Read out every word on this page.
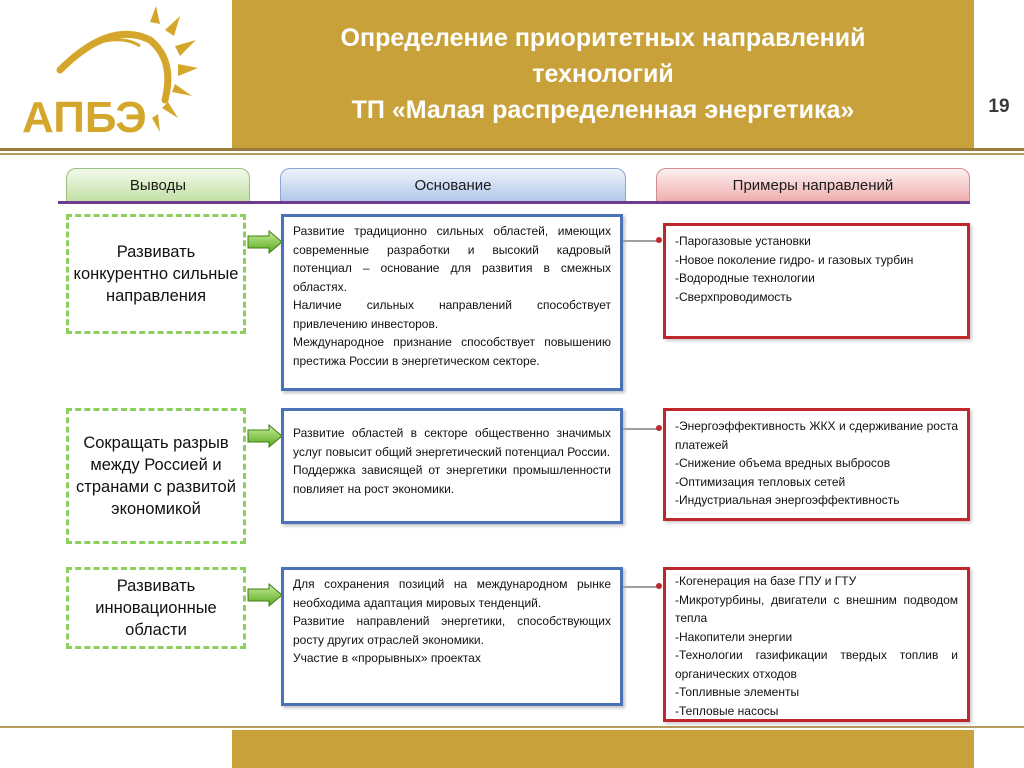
АПБЭ
Определение приоритетных направлений
технологий
ТП «Малая распределенная энергетика»	19
Выводы	Основание	Примеры направлений
Развивать конкурентно сильные направления

Развитие традиционно сильных областей, имеющих современные разработки и высокий кадровый потенциал – основание для развития в смежных областях.

Наличие сильных направлений способствует привлечению инвесторов.

Международное признание способствует повышению престижа России в энергетическом секторе.

-Парогазовые установки

-Новое поколение гидро- и газовых турбин

-Водородные технологии

-Сверхпроводимость

Сокращать разрыв между Россией и странами с развитой экономикой

Развитие областей в секторе общественно значимых услуг повысит общий энергетический потенциал России.

Поддержка зависящей от энергетики промышленности повлияет на рост экономики.

-Энергоэффективность ЖКХ и сдерживание роста платежей

-Снижение объема вредных выбросов

-Оптимизация тепловых сетей

-Индустриальная энергоэффективность

Развивать инновационные области

Для сохранения позиций на международном рынке необходима адаптация мировых тенденций.

Развитие направлений энергетики, способствующих росту других отраслей экономики.

Участие в «прорывных» проектах

-Когенерация на базе ГПУ и ГТУ

-Микротурбины, двигатели с внешним подводом тепла

-Накопители энергии

-Технологии газификации твердых топлив и органических отходов

-Топливные элементы

-Тепловые насосы
